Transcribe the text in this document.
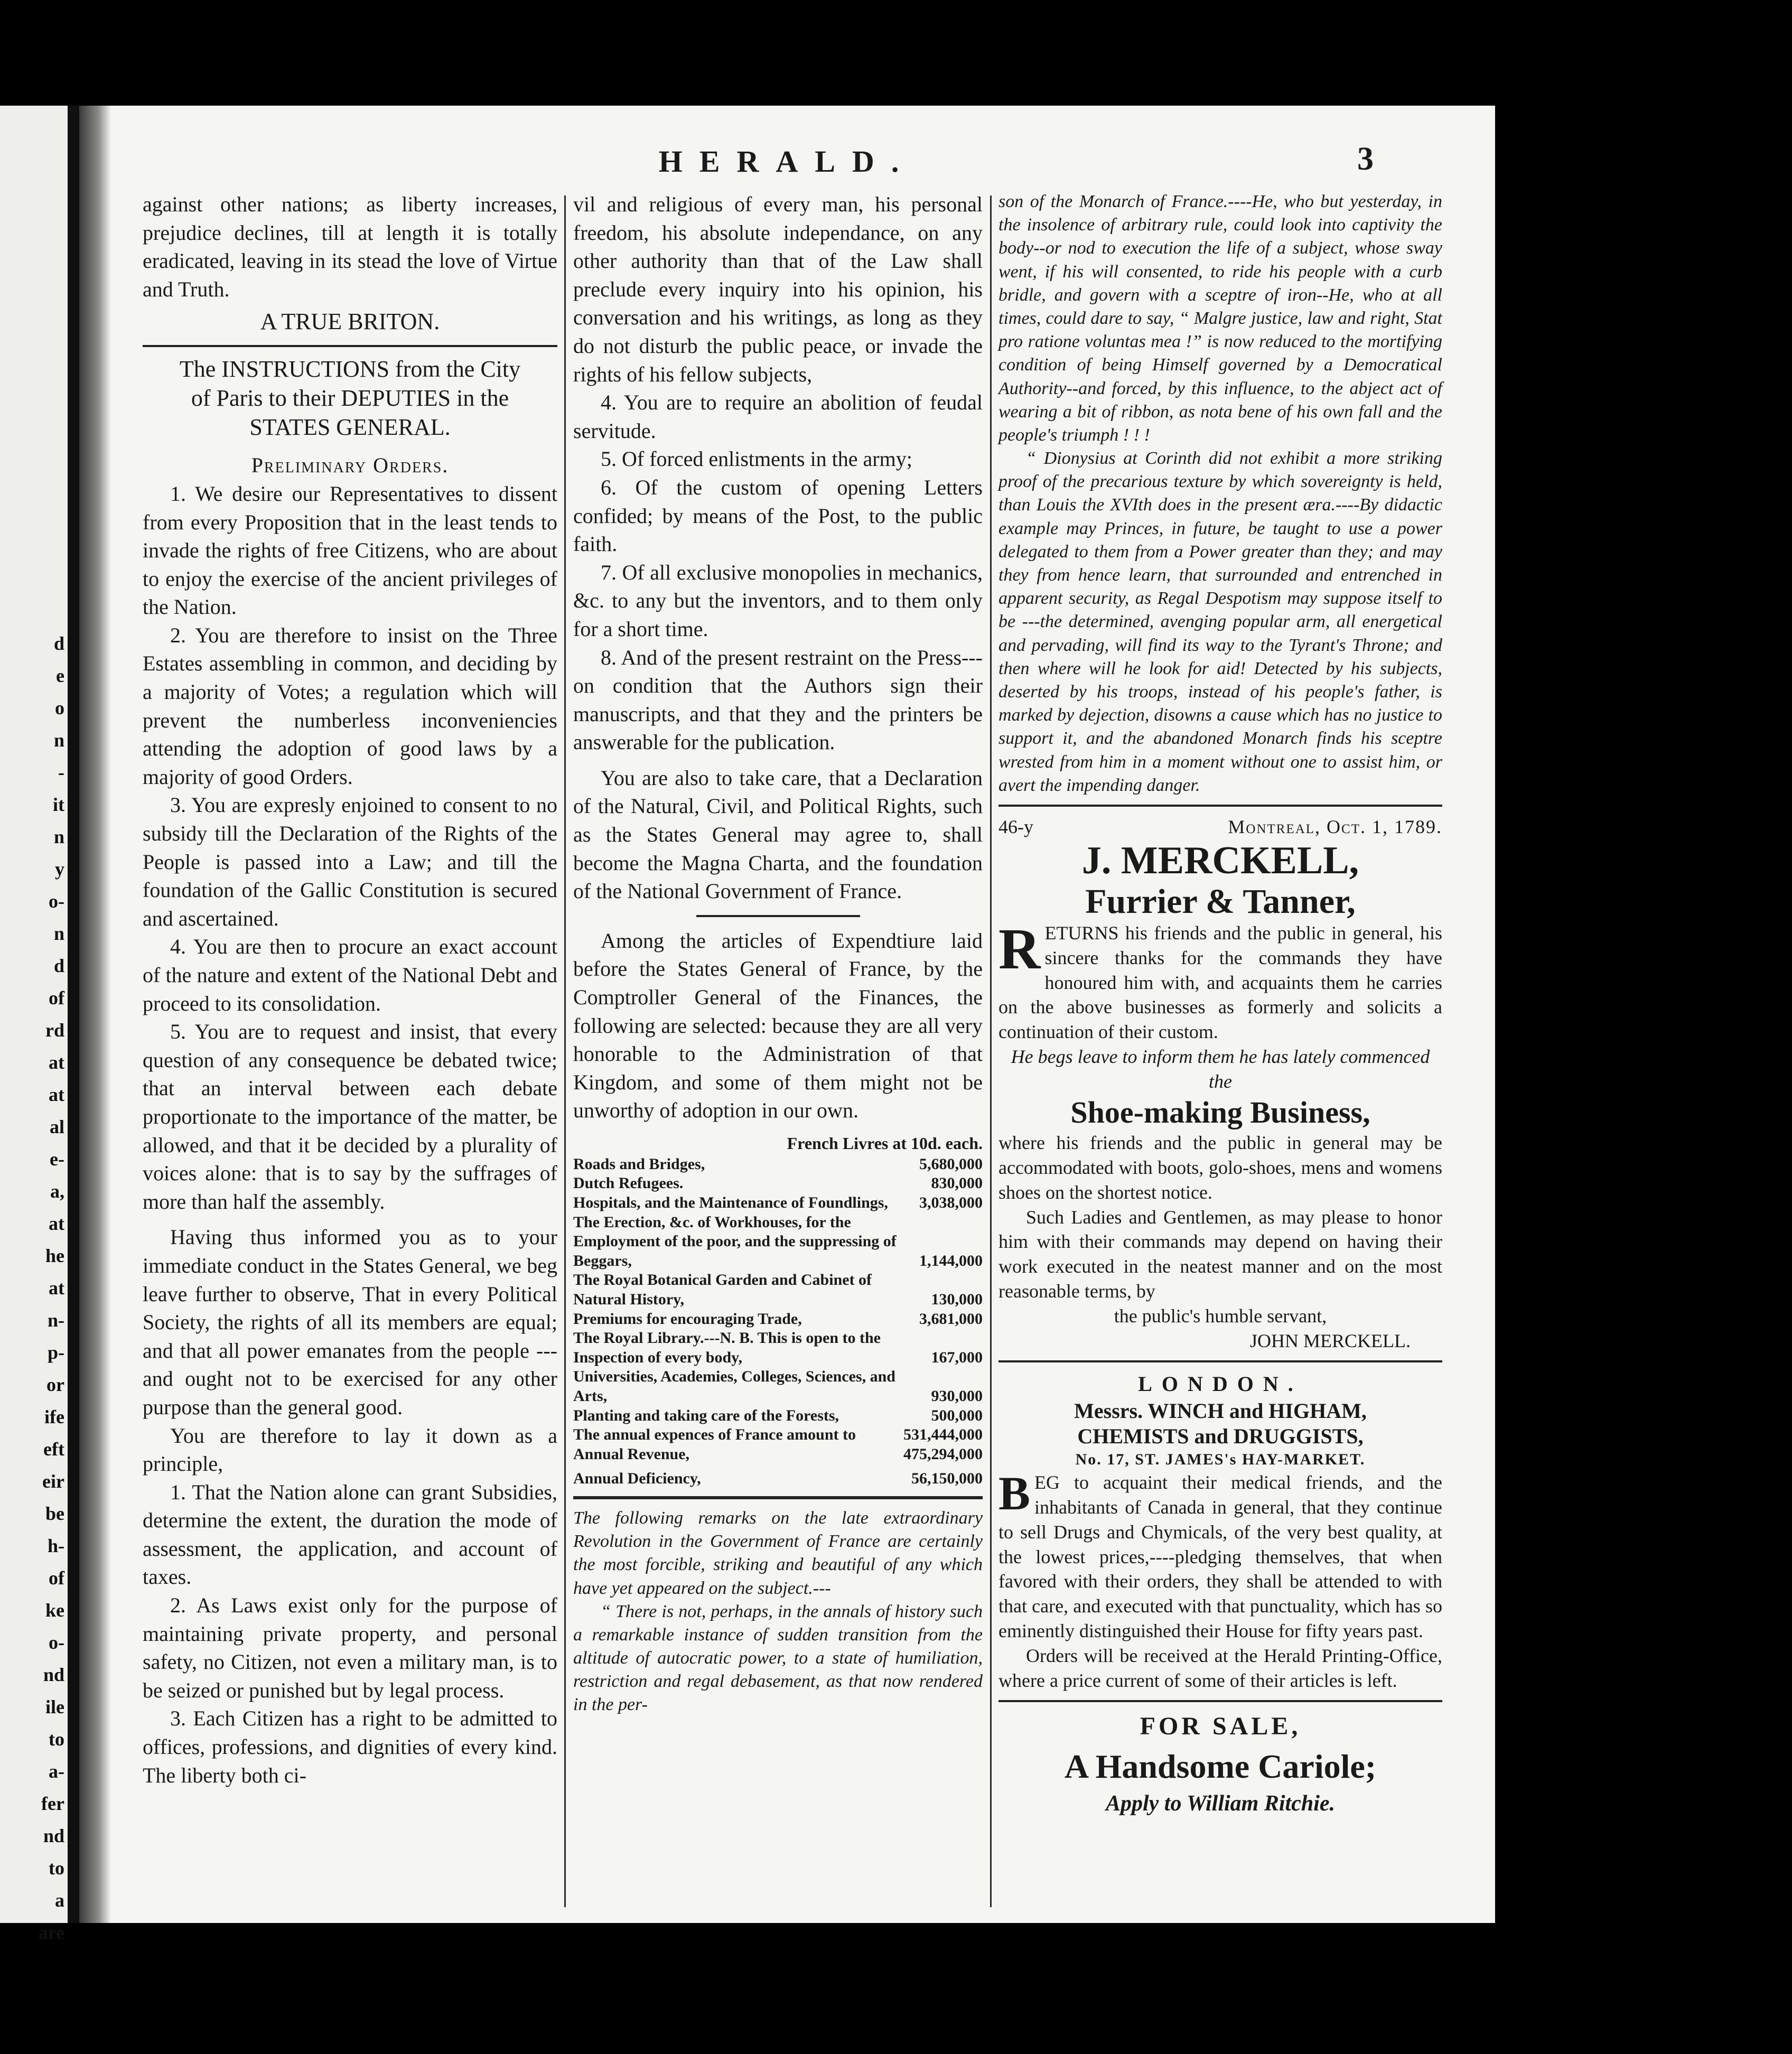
d
e
o
n
-
it
n
y
o-
n
d
of
rd
at
at
al
e-
a,
at
he
at
n-
p-
or
ife
eft
eir
be
h-
of
ke
o-
nd
ile
to
a-
fer
nd
to
a
are
HERALD.	3

against other nations; as liberty increases, prejudice declines, till at length it is totally eradicated, leaving in its stead the love of Virtue and Truth.

A TRUE BRITON.

The INSTRUCTIONS from the City
of Paris to their DEPUTIES in the
STATES GENERAL.
Preliminary Orders.

1. We desire our Representatives to dissent from every Proposition that in the least tends to invade the rights of free Citizens, who are about to enjoy the exercise of the ancient privileges of the Nation.

2. You are therefore to insist on the Three Estates assembling in common, and deciding by a majority of Votes; a regulation which will prevent the numberless inconveniencies attending the adoption of good laws by a majority of good Orders.

3. You are expresly enjoined to consent to no subsidy till the Declaration of the Rights of the People is passed into a Law; and till the foundation of the Gallic Constitution is secured and ascertained.

4. You are then to procure an exact account of the nature and extent of the National Debt and proceed to its consolidation.

5. You are to request and insist, that every question of any consequence be debated twice; that an interval between each debate proportionate to the importance of the matter, be allowed, and that it be decided by a plurality of voices alone: that is to say by the suffrages of more than half the assembly.

Having thus informed you as to your immediate conduct in the States General, we beg leave further to observe, That in every Political Society, the rights of all its members are equal; and that all power emanates from the people ---and ought not to be exercised for any other purpose than the general good.

You are therefore to lay it down as a principle,

1. That the Nation alone can grant Subsidies, determine the extent, the duration the mode of assessment, the application, and account of taxes.

2. As Laws exist only for the purpose of maintaining private property, and personal safety, no Citizen, not even a military man, is to be seized or punished but by legal process.

3. Each Citizen has a right to be admitted to offices, professions, and dignities of every kind. The liberty both ci-

vil and religious of every man, his personal freedom, his absolute independance, on any other authority than that of the Law shall preclude every inquiry into his opinion, his conversation and his writings, as long as they do not disturb the public peace, or invade the rights of his fellow subjects,

4. You are to require an abolition of feudal servitude.

5. Of forced enlistments in the army;

6. Of the custom of opening Letters confided; by means of the Post, to the public faith.

7. Of all exclusive monopolies in mechanics, &c. to any but the inventors, and to them only for a short time.

8. And of the present restraint on the Press---on condition that the Authors sign their manuscripts, and that they and the printers be answerable for the publication.

You are also to take care, that a Declaration of the Natural, Civil, and Political Rights, such as the States General may agree to, shall become the Magna Charta, and the foundation of the National Government of France.

Among the articles of Expendtiure laid before the States General of France, by the Comptroller General of the Finances, the following are selected: because they are all very honorable to the Administration of that Kingdom, and some of them might not be unworthy of adoption in our own.

French Livres at 10d. each.
Roads and Bridges,	5,680,000
Dutch Refugees.	830,000
Hospitals, and the Maintenance of Foundlings,	3,038,000
The Erection, &c. of Workhouses, for the Employment of the poor, and the suppressing of Beggars,	1,144,000
The Royal Botanical Garden and Cabinet of Natural History,	130,000
Premiums for encouraging Trade,	3,681,000
The Royal Library.---N. B. This is open to the Inspection of every body,	167,000
Universities, Academies, Colleges, Sciences, and Arts,	930,000
Planting and taking care of the Forests,	500,000
The annual expences of France amount to	531,444,000
Annual Revenue,	475,294,000
Annual Deficiency,	56,150,000

The following remarks on the late extraordinary Revolution in the Government of France are certainly the most forcible, striking and beautiful of any which have yet appeared on the subject.---

“ There is not, perhaps, in the annals of history such a remarkable instance of sudden transition from the altitude of autocratic power, to a state of humiliation, restriction and regal debasement, as that now rendered in the per-

son of the Monarch of France.----He, who but yesterday, in the insolence of arbitrary rule, could look into captivity the body--or nod to execution the life of a subject, whose sway went, if his will consented, to ride his people with a curb bridle, and govern with a sceptre of iron--He, who at all times, could dare to say, “ Malgre justice, law and right, Stat pro ratione voluntas mea !” is now reduced to the mortifying condition of being Himself governed by a Democratical Authority--and forced, by this influence, to the abject act of wearing a bit of ribbon, as nota bene of his own fall and the people's triumph ! ! !

“ Dionysius at Corinth did not exhibit a more striking proof of the precarious texture by which sovereignty is held, than Louis the XVIth does in the present æra.----By didactic example may Princes, in future, be taught to use a power delegated to them from a Power greater than they; and may they from hence learn, that surrounded and entrenched in apparent security, as Regal Despotism may suppose itself to be ---the determined, avenging popular arm, all energetical and pervading, will find its way to the Tyrant's Throne; and then where will he look for aid! Detected by his subjects, deserted by his troops, instead of his people's father, is marked by dejection, disowns a cause which has no justice to support it, and the abandoned Monarch finds his sceptre wrested from him in a moment without one to assist him, or avert the impending danger.

46-y	Montreal, Oct. 1, 1789.
J. MERCKELL,
Furrier & Tanner,

RETURNS his friends and the public in general, his sincere thanks for the commands they have honoured him with, and acquaints them he carries on the above businesses as formerly and solicits a continuation of their custom.

He begs leave to inform them he has lately commenced the

Shoe-making Business,

where his friends and the public in general may be accommodated with boots, golo-shoes, mens and womens shoes on the shortest notice.

Such Ladies and Gentlemen, as may please to honor him with their commands may depend on having their work executed in the neatest manner and on the most reasonable terms, by

the public's humble servant,

JOHN MERCKELL.

LONDON.
Messrs. WINCH and HIGHAM,
CHEMISTS and DRUGGISTS,
No. 17, ST. JAMES's HAY-MARKET.

BEG to acquaint their medical friends, and the inhabitants of Canada in general, that they continue to sell Drugs and Chymicals, of the very best quality, at the lowest prices,----pledging themselves, that when favored with their orders, they shall be attended to with that care, and executed with that punctuality, which has so eminently distinguished their House for fifty years past.

Orders will be received at the Herald Printing-Office, where a price current of some of their articles is left.

FOR SALE,
A Handsome Cariole;
Apply to William Ritchie.
